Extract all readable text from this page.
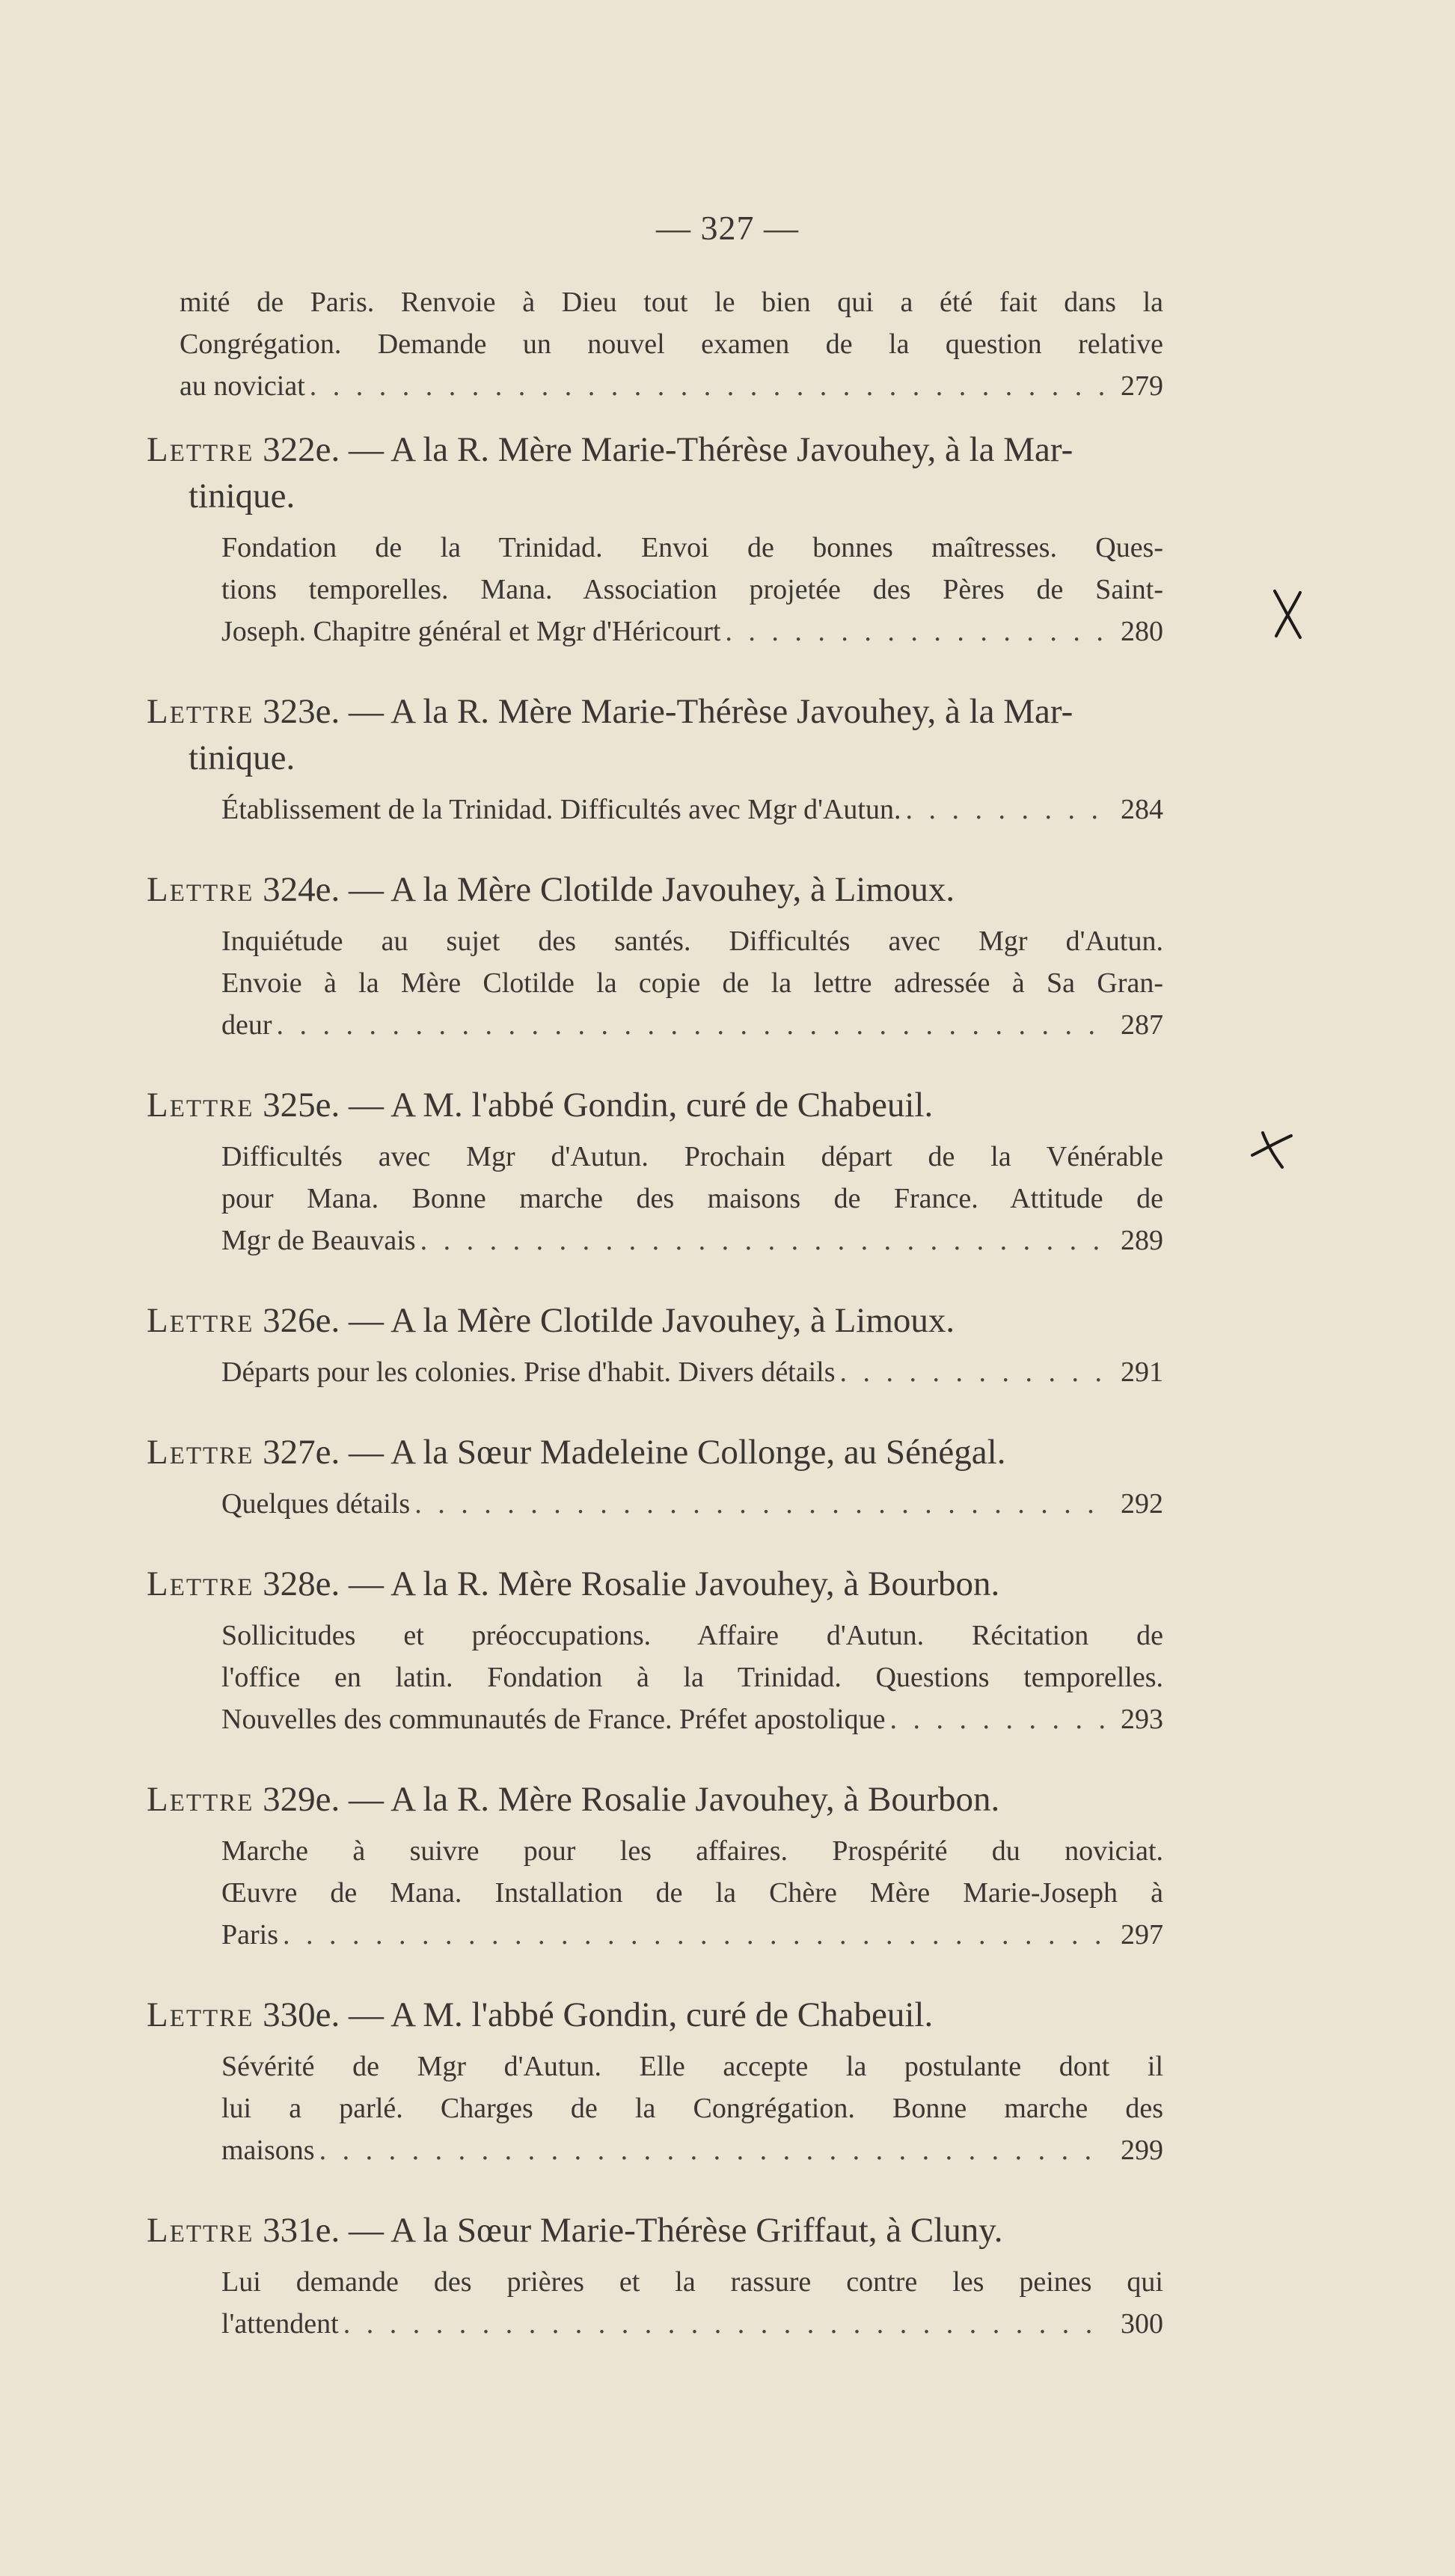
— 327 —
mité de Paris. Renvoie à Dieu tout le bien qui a été fait dans la
Congrégation. Demande un nouvel examen de la question relative
au noviciat . . .	279
Lettre 322e. — A la R. Mère Marie-Thérèse Javouhey, à la Mar-tinique.
Fondation de la Trinidad. Envoi de bonnes maîtresses. Ques-
tions temporelles. Mana. Association projetée des Pères de Saint-
Joseph. Chapitre général et Mgr d'Héricourt . . .	280
Lettre 323e. — A la R. Mère Marie-Thérèse Javouhey, à la Mar-tinique.
Établissement de la Trinidad. Difficultés avec Mgr d'Autun. . . .	284
Lettre 324e. — A la Mère Clotilde Javouhey, à Limoux.
Inquiétude au sujet des santés. Difficultés avec Mgr d'Autun.
Envoie à la Mère Clotilde la copie de la lettre adressée à Sa Gran-
deur . . .	287
Lettre 325e. — A M. l'abbé Gondin, curé de Chabeuil.
Difficultés avec Mgr d'Autun. Prochain départ de la Vénérable
pour Mana. Bonne marche des maisons de France. Attitude de
Mgr de Beauvais . . .	289
Lettre 326e. — A la Mère Clotilde Javouhey, à Limoux.
Départs pour les colonies. Prise d'habit. Divers détails . . .	291
Lettre 327e. — A la Sœur Madeleine Collonge, au Sénégal.
Quelques détails . . .	292
Lettre 328e. — A la R. Mère Rosalie Javouhey, à Bourbon.
Sollicitudes et préoccupations. Affaire d'Autun. Récitation de
l'office en latin. Fondation à la Trinidad. Questions temporelles.
Nouvelles des communautés de France. Préfet apostolique . . .	293
Lettre 329e. — A la R. Mère Rosalie Javouhey, à Bourbon.
Marche à suivre pour les affaires. Prospérité du noviciat.
Œuvre de Mana. Installation de la Chère Mère Marie-Joseph à
Paris . . .	297
Lettre 330e. — A M. l'abbé Gondin, curé de Chabeuil.
Sévérité de Mgr d'Autun. Elle accepte la postulante dont il
lui a parlé. Charges de la Congrégation. Bonne marche des
maisons . . .	299
Lettre 331e. — A la Sœur Marie-Thérèse Griffaut, à Cluny.
Lui demande des prières et la rassure contre les peines qui
l'attendent . . .	300
